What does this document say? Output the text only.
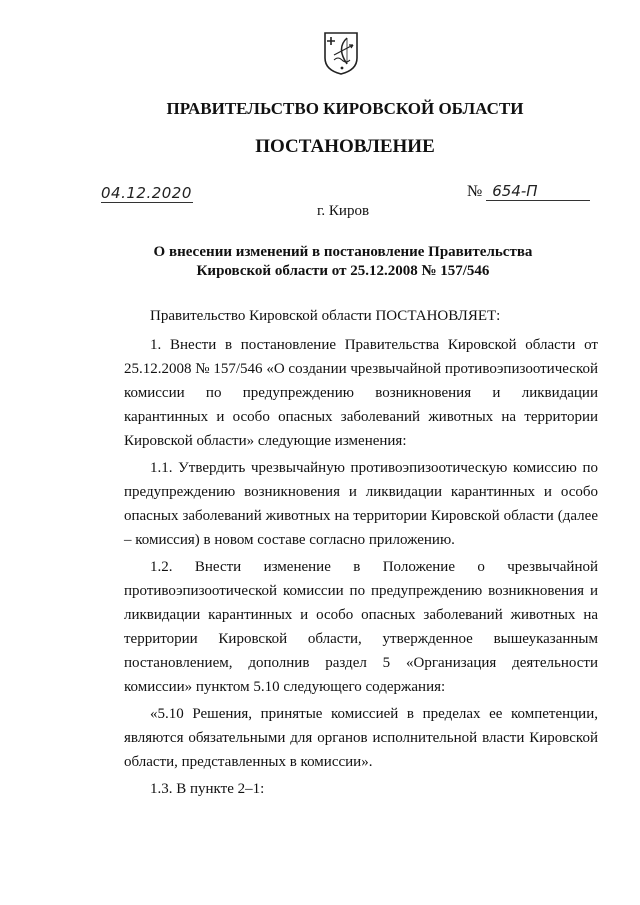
ПРАВИТЕЛЬСТВО КИРОВСКОЙ ОБЛАСТИ
ПОСТАНОВЛЕНИЕ
04.12.2020	№ 654-П
г. Киров
О внесении изменений в постановление Правительства
Кировской области от 25.12.2008 № 157/546

Правительство Кировской области ПОСТАНОВЛЯЕТ:

1. Внести в постановление Правительства Кировской области от 25.12.2008 № 157/546 «О создании чрезвычайной противоэпизоотической комиссии по предупреждению возникновения и ликвидации карантинных и особо опасных заболеваний животных на территории Кировской области» следующие изменения:

1.1. Утвердить чрезвычайную противоэпизоотическую комиссию по предупреждению возникновения и ликвидации карантинных и особо опасных заболеваний животных на территории Кировской области (далее – комиссия) в новом составе согласно приложению.

1.2. Внести изменение в Положение о чрезвычайной противоэпизоотической комиссии по предупреждению возникновения и ликвидации карантинных и особо опасных заболеваний животных на территории Кировской области, утвержденное вышеуказанным постановлением, дополнив раздел 5 «Организация деятельности комиссии» пунктом 5.10 следующего содержания:

«5.10 Решения, принятые комиссией в пределах ее компетенции, являются обязательными для органов исполнительной власти Кировской области, представленных в комиссии».

1.3. В пункте 2–1:
